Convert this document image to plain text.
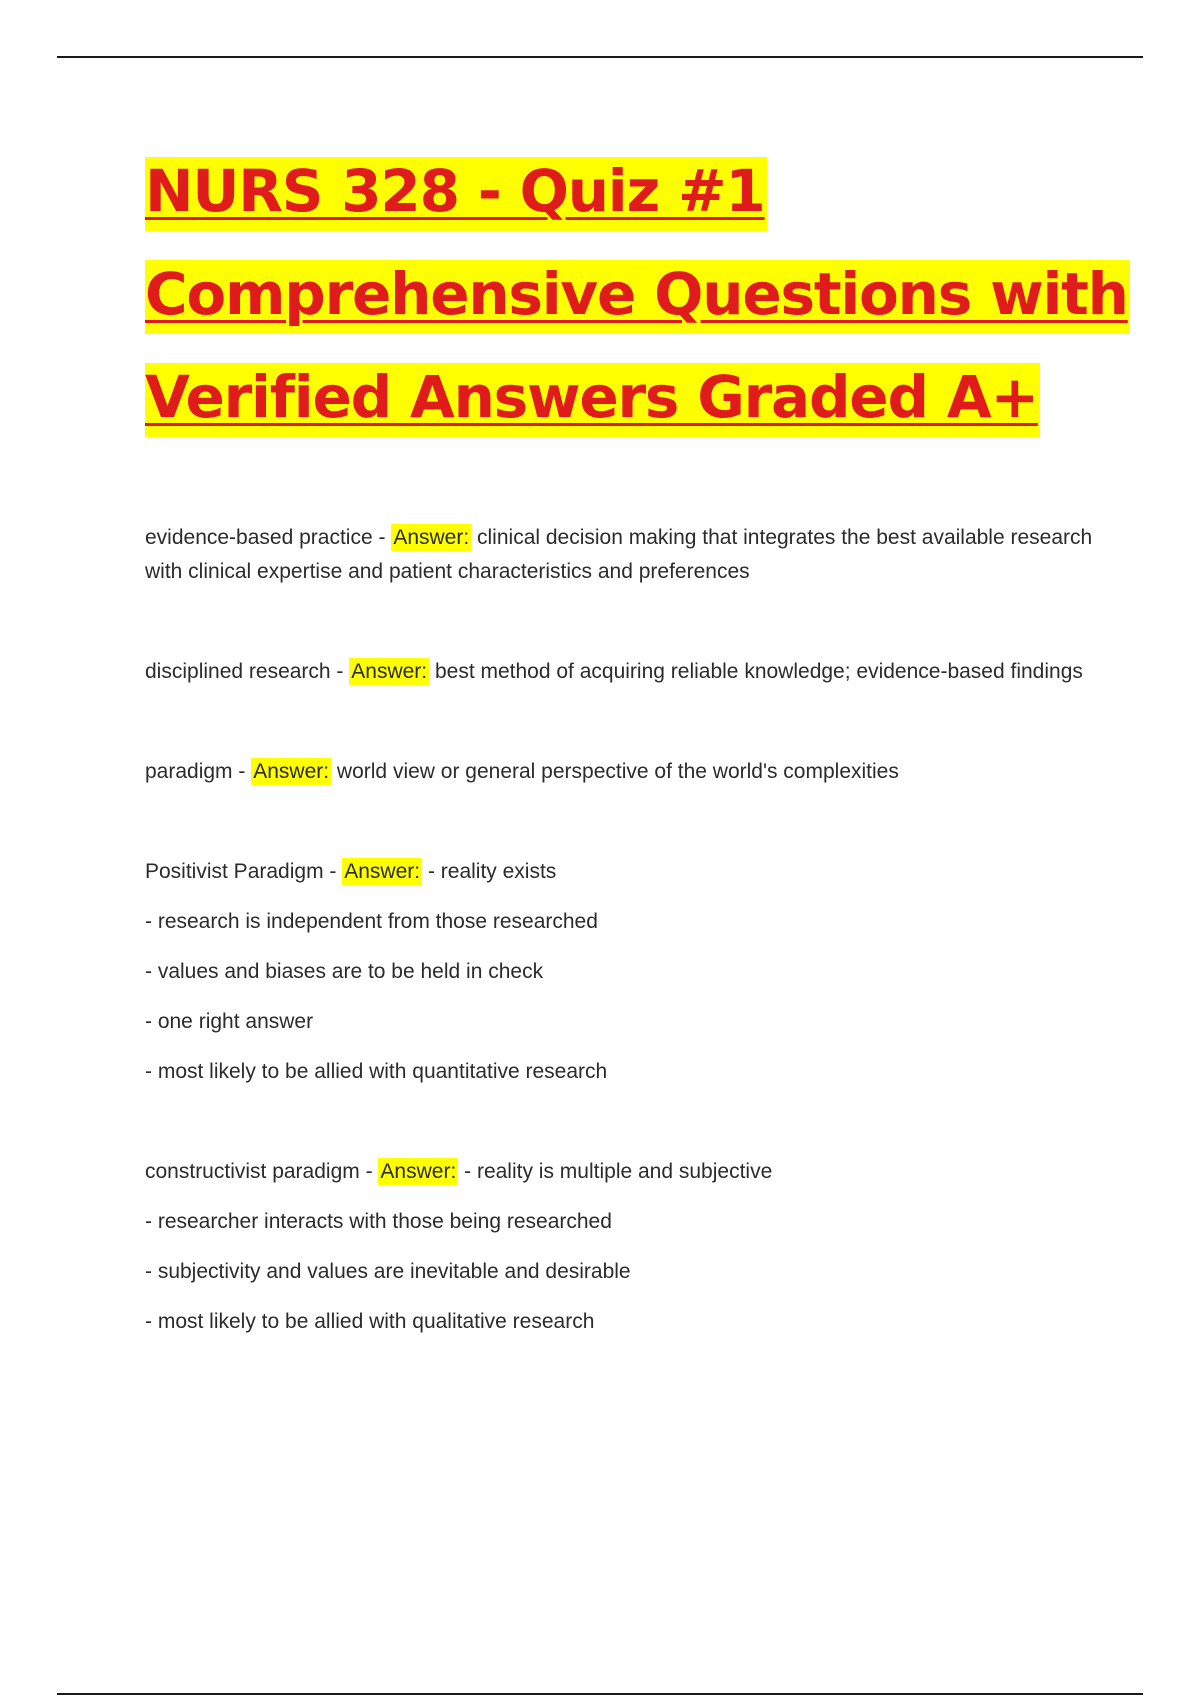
NURS 328 - Quiz #1
Comprehensive Questions with
Verified Answers Graded A+

evidence-based practice - Answer: clinical decision making that integrates the best available research with clinical expertise and patient characteristics and preferences

disciplined research - Answer: best method of acquiring reliable knowledge; evidence-based findings

paradigm - Answer: world view or general perspective of the world's complexities

Positivist Paradigm - Answer: - reality exists

- research is independent from those researched

- values and biases are to be held in check

- one right answer

- most likely to be allied with quantitative research

constructivist paradigm - Answer: - reality is multiple and subjective

- researcher interacts with those being researched

- subjectivity and values are inevitable and desirable

- most likely to be allied with qualitative research
